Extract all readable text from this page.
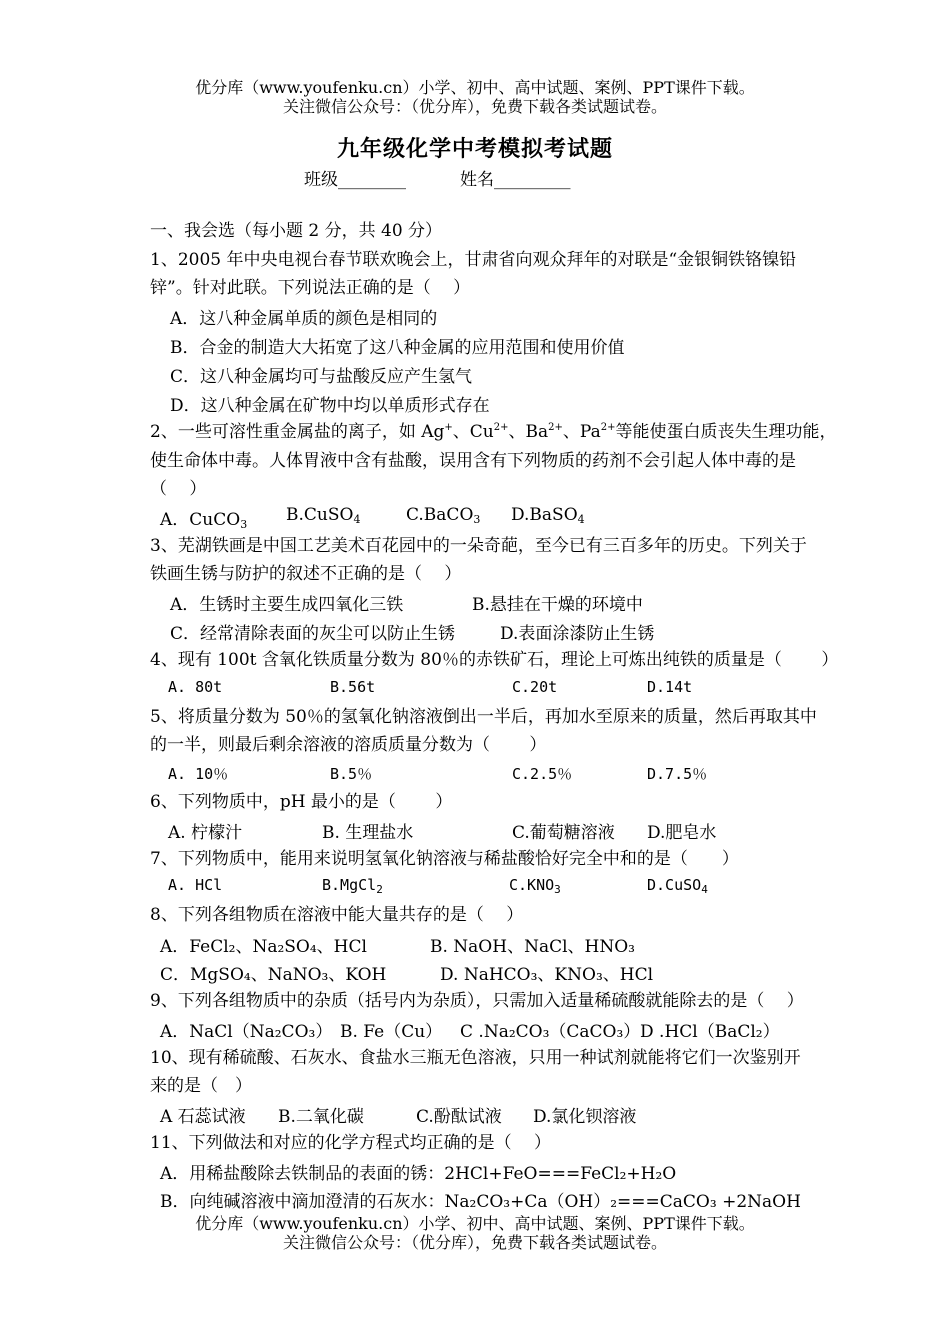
优分库（www.youfenku.cn）小学、初中、高中试题、案例、PPT课件下载。
关注微信公众号：（优分库），免费下载各类试题试卷。
九年级化学中考模拟考试题
班级________	姓名_________
一、我会选（每小题 2 分，共 40 分）
1、2005 年中央电视台春节联欢晚会上，甘肃省向观众拜年的对联是“金银铜铁铬镍铅
锌”。针对此联。下列说法正确的是（　 ）
A．这八种金属单质的颜色是相同的
B．合金的制造大大拓宽了这八种金属的应用范围和使用价值
C．这八种金属均可与盐酸反应产生氢气
D．这八种金属在矿物中均以单质形式存在
2、一些可溶性重金属盐的离子，如 Ag+、$Cu^{2+}$、$Ba^{2+}$、$Pa^{2+}$等能使蛋白质丧失生理功能，
使生命体中毒。人体胃液中含有盐酸，误用含有下列物质的药剂不会引起人体中毒的是
（　 ）
A．CuCO$_3$ B.CuSO$_4$	C.BaCO$_3$ D.BaSO$_4$
3、芜湖铁画是中国工艺美术百花园中的一朵奇葩，至今已有三百多年的历史。下列关于
铁画生锈与防护的叙述不正确的是（　 ）
A．生锈时主要生成四氧化三铁	B.悬挂在干燥的环境中
C．经常清除表面的灰尘可以防止生锈	D.表面涂漆防止生锈
4、现有 100t 含氧化铁质量分数为 80％的赤铁矿石，理论上可炼出纯铁的质量是（　　 ）
A. 80t	B.56t	C.20t	D.14t
5、将质量分数为 50％的氢氧化钠溶液倒出一半后，再加水至原来的质量，然后再取其中
的一半，则最后剩余溶液的溶质质量分数为（　　 ）
A. 10％	B.5％	C.2.5％	D.7.5％
6、下列物质中，pH 最小的是（　　 ）
A. 柠檬汁	B. 生理盐水	C.葡萄糖溶液 D.肥皂水
7、下列物质中，能用来说明氢氧化钠溶液与稀盐酸恰好完全中和的是（　　）
A. HCl	B.MgCl$_2$	$C.KNO_3$	D.CuSO$_4$
8、下列各组物质在溶液中能大量共存的是（　 ）
A．FeCl₂、Na₂SO₄、HCl	B. NaOH、NaCl、HNO₃
C．MgSO₄、NaNO₃、KOH	D. NaHCO₃、KNO₃、HCl
9、下列各组物质中的杂质（括号内为杂质），只需加入适量稀硫酸就能除去的是（　 ）
A．NaCl（Na₂CO₃） B. Fe（Cu） C .Na₂CO₃（CaCO₃） D .HCl（BaCl₂）
10、现有稀硫酸、石灰水、食盐水三瓶无色溶液，只用一种试剂就能将它们一次鉴别开
来的是（　）
A 石蕊试液 B.二氧化碳	C.酚酞试液 D.氯化钡溶液
11、下列做法和对应的化学方程式均正确的是（　 ）
A．用稀盐酸除去铁制品的表面的锈：2HCl+FeO===FeCl₂+H₂O
B．向纯碱溶液中滴加澄清的石灰水：Na₂CO₃+Ca（OH）₂===CaCO₃ +2NaOH
优分库（www.youfenku.cn）小学、初中、高中试题、案例、PPT课件下载。
关注微信公众号：（优分库），免费下载各类试题试卷。
